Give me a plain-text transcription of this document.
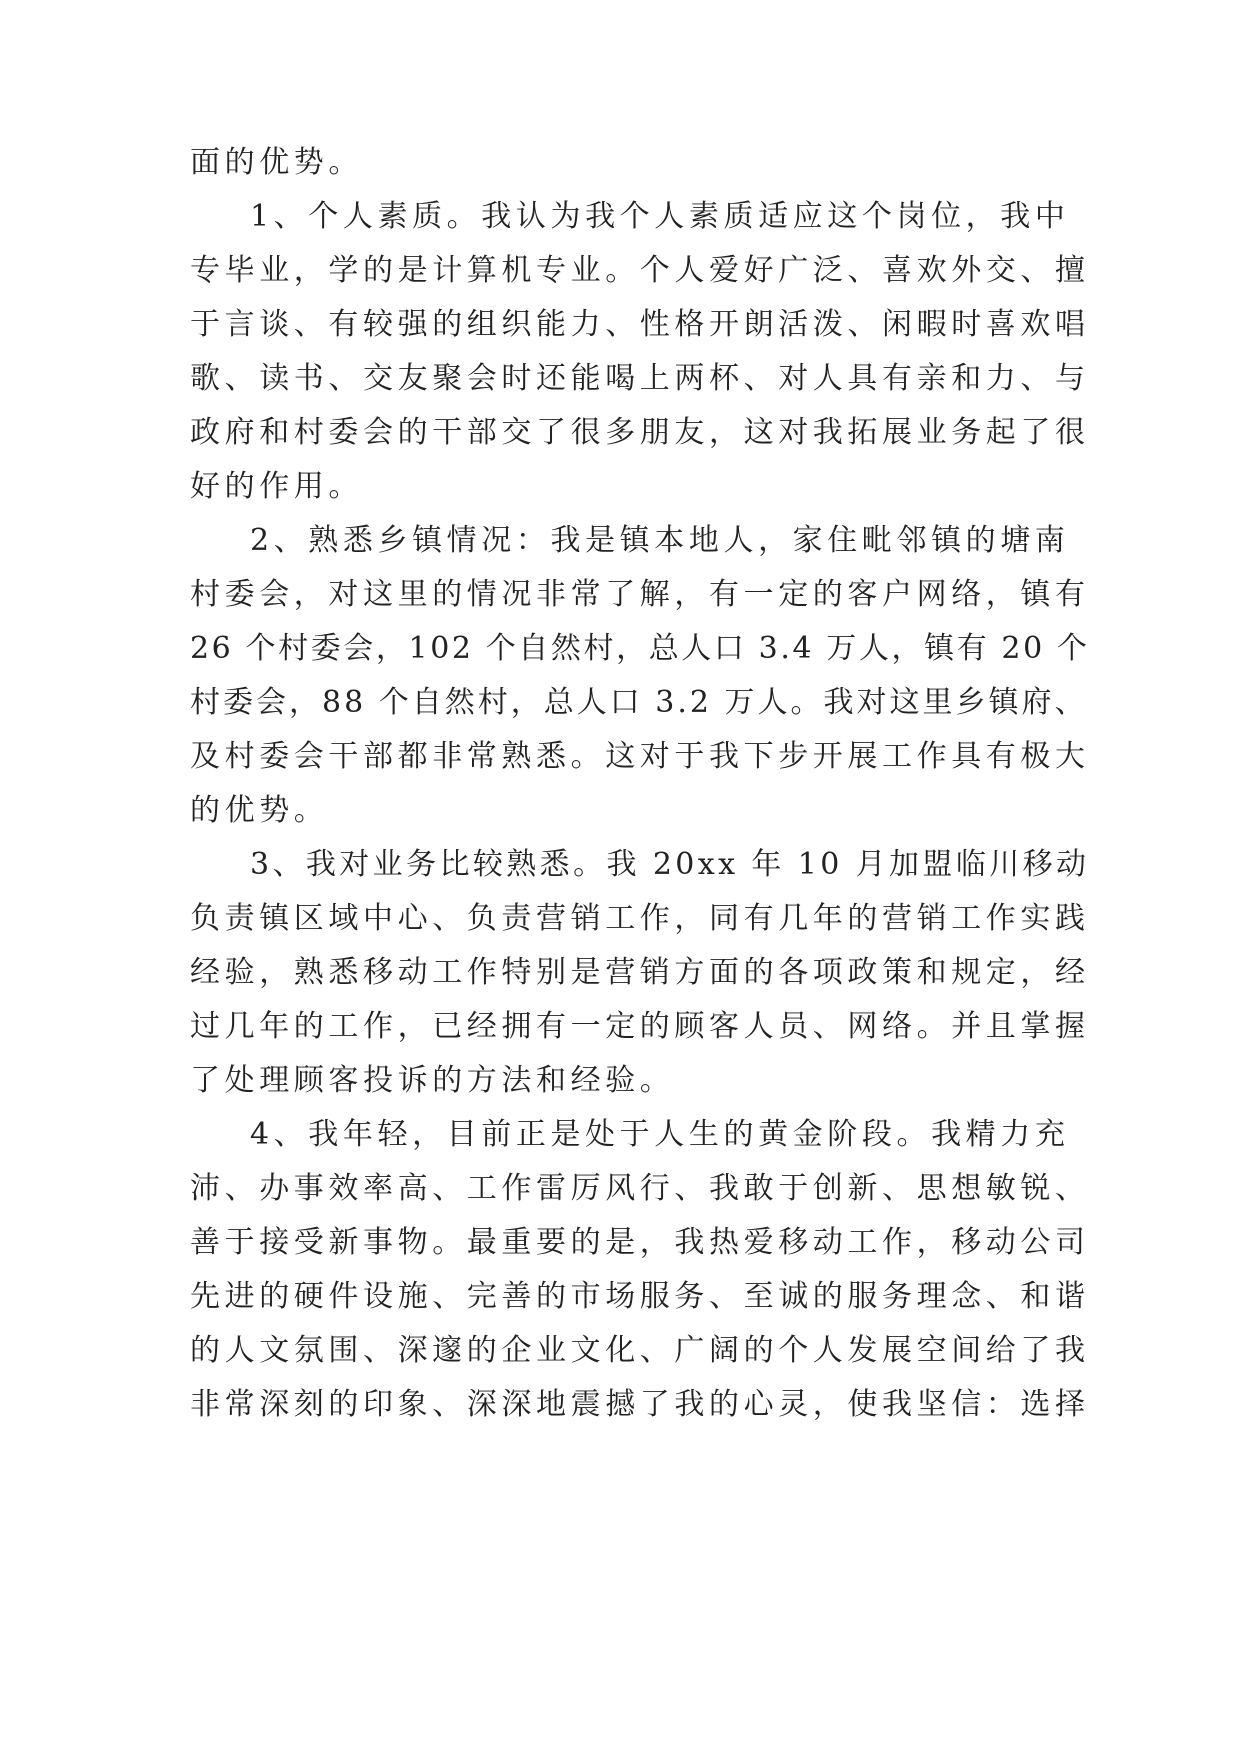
面的优势。
1、个人素质。我认为我个人素质适应这个岗位，我中
专毕业，学的是计算机专业。个人爱好广泛、喜欢外交、擅
于言谈、有较强的组织能力、性格开朗活泼、闲暇时喜欢唱
歌、读书、交友聚会时还能喝上两杯、对人具有亲和力、与
政府和村委会的干部交了很多朋友，这对我拓展业务起了很
好的作用。
2、熟悉乡镇情况：我是镇本地人，家住毗邻镇的塘南
村委会，对这里的情况非常了解，有一定的客户网络，镇有
26 个村委会，102 个自然村，总人口 3.4 万人，镇有 20 个
村委会，88 个自然村，总人口 3.2 万人。我对这里乡镇府、
及村委会干部都非常熟悉。这对于我下步开展工作具有极大
的优势。
3、我对业务比较熟悉。我 20xx 年 10 月加盟临川移动
负责镇区域中心、负责营销工作，同有几年的营销工作实践
经验，熟悉移动工作特别是营销方面的各项政策和规定，经
过几年的工作，已经拥有一定的顾客人员、网络。并且掌握
了处理顾客投诉的方法和经验。
4、我年轻，目前正是处于人生的黄金阶段。我精力充
沛、办事效率高、工作雷厉风行、我敢于创新、思想敏锐、
善于接受新事物。最重要的是，我热爱移动工作，移动公司
先进的硬件设施、完善的市场服务、至诚的服务理念、和谐
的人文氛围、深邃的企业文化、广阔的个人发展空间给了我
非常深刻的印象、深深地震撼了我的心灵，使我坚信：选择
